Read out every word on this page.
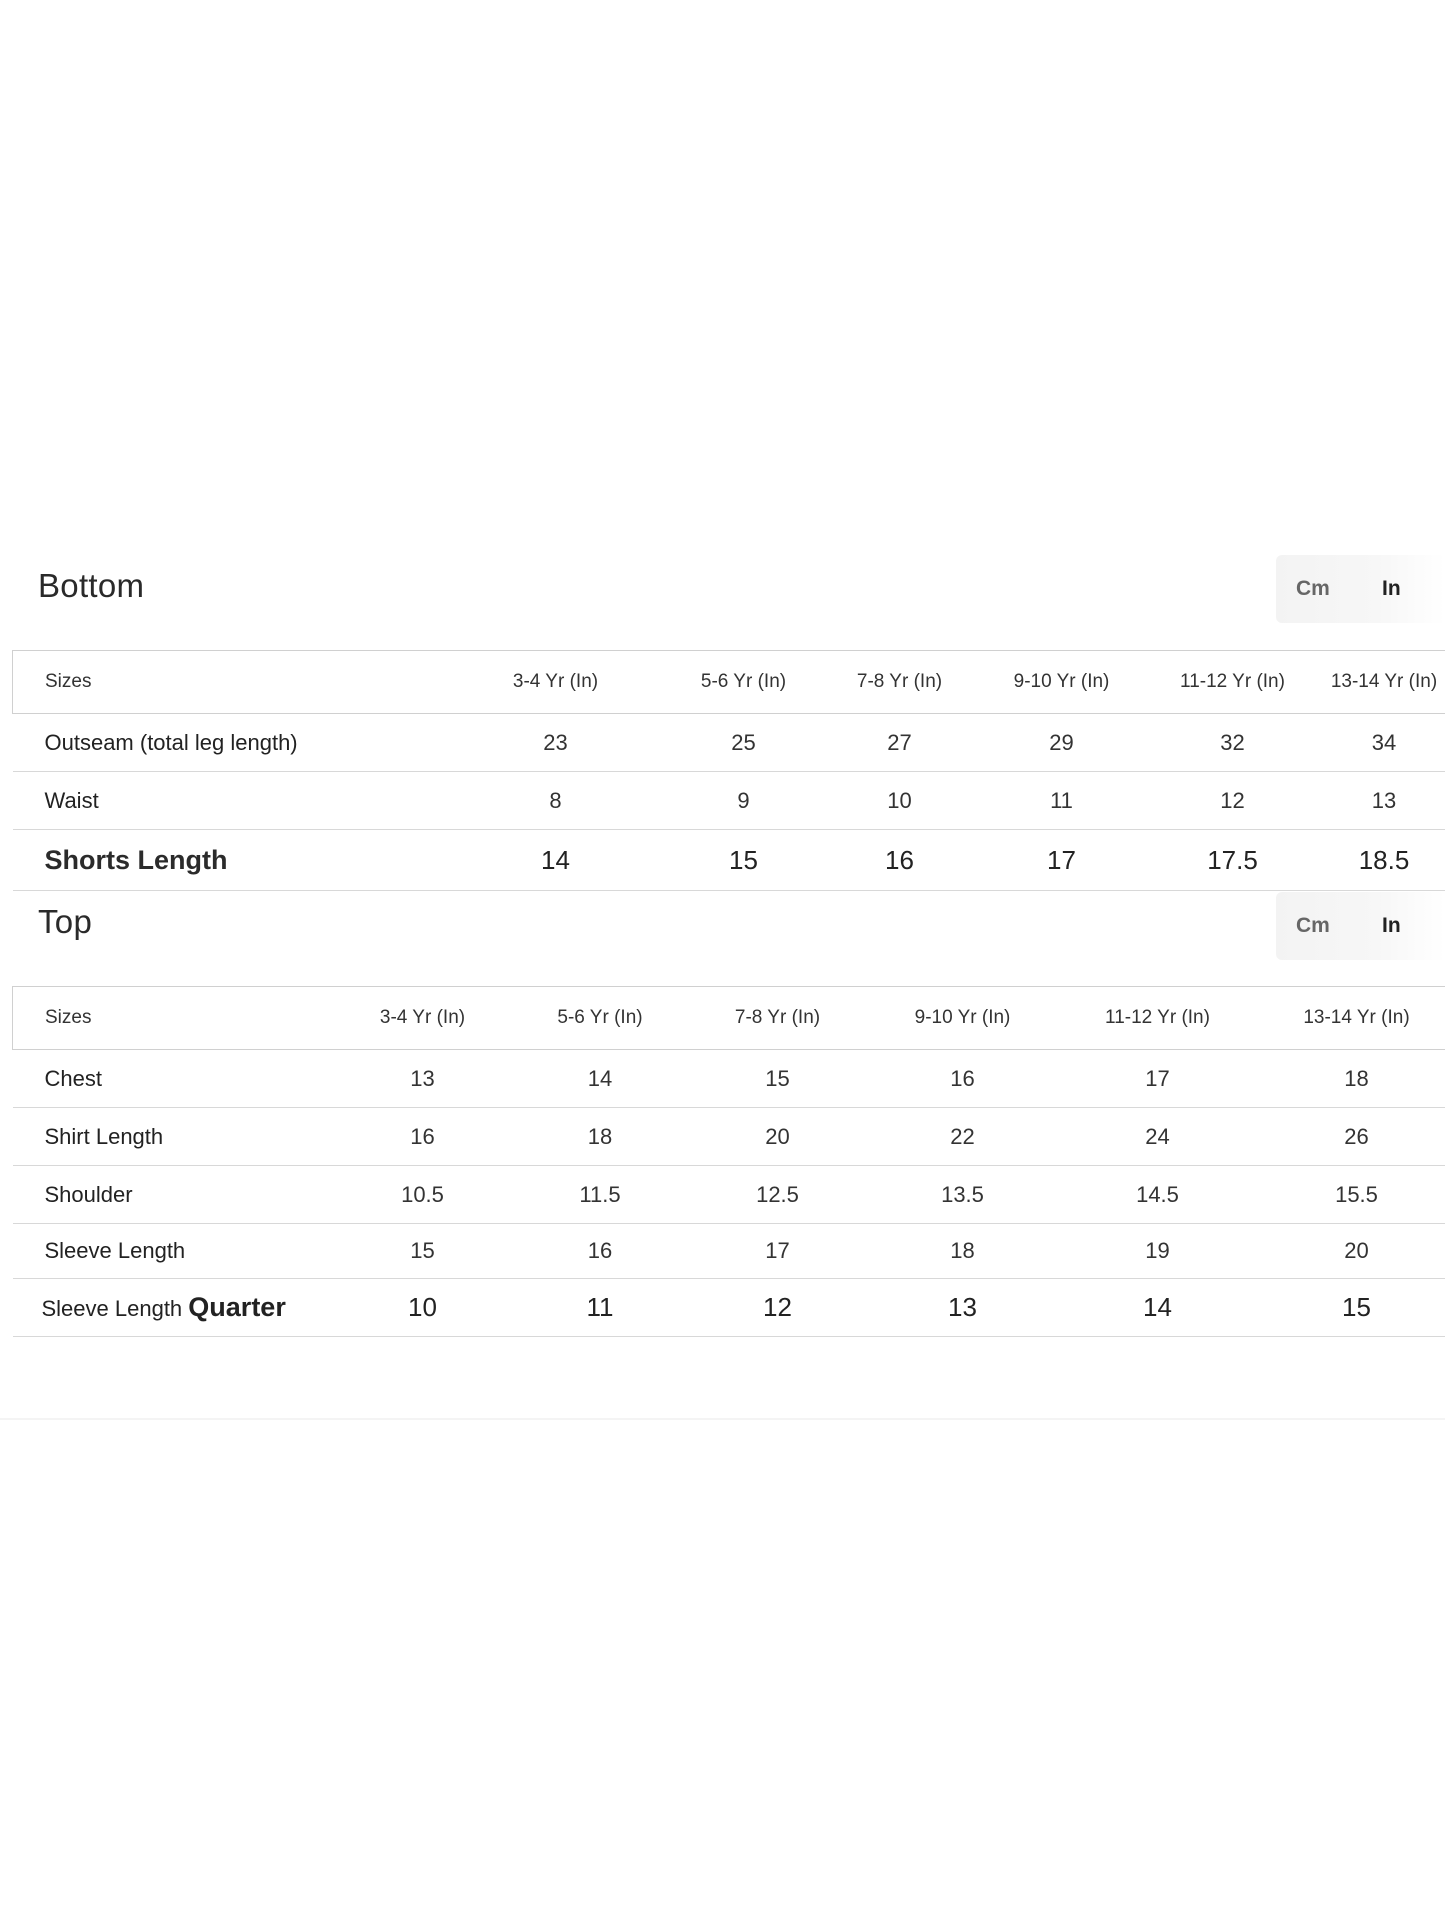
Bottom	Cm In
Sizes	3-4 Yr (In)	5-6 Yr (In)	7-8 Yr (In)	9-10 Yr (In)	11-12 Yr (In)	13-14 Yr (In)
Outseam (total leg length)	23	25	27	29	32	34
Waist	8	9	10	11	12	13
Shorts Length	14	15	16	17	17.5	18.5
Top	Cm In
Sizes	3-4 Yr (In)	5-6 Yr (In)	7-8 Yr (In)	9-10 Yr (In)	11-12 Yr (In)	13-14 Yr (In)
Chest	13	14	15	16	17	18
Shirt Length	16	18	20	22	24	26
Shoulder	10.5	11.5	12.5	13.5	14.5	15.5
Sleeve Length	15	16	17	18	19	20
Sleeve Length Quarter	10	11	12	13	14	15
